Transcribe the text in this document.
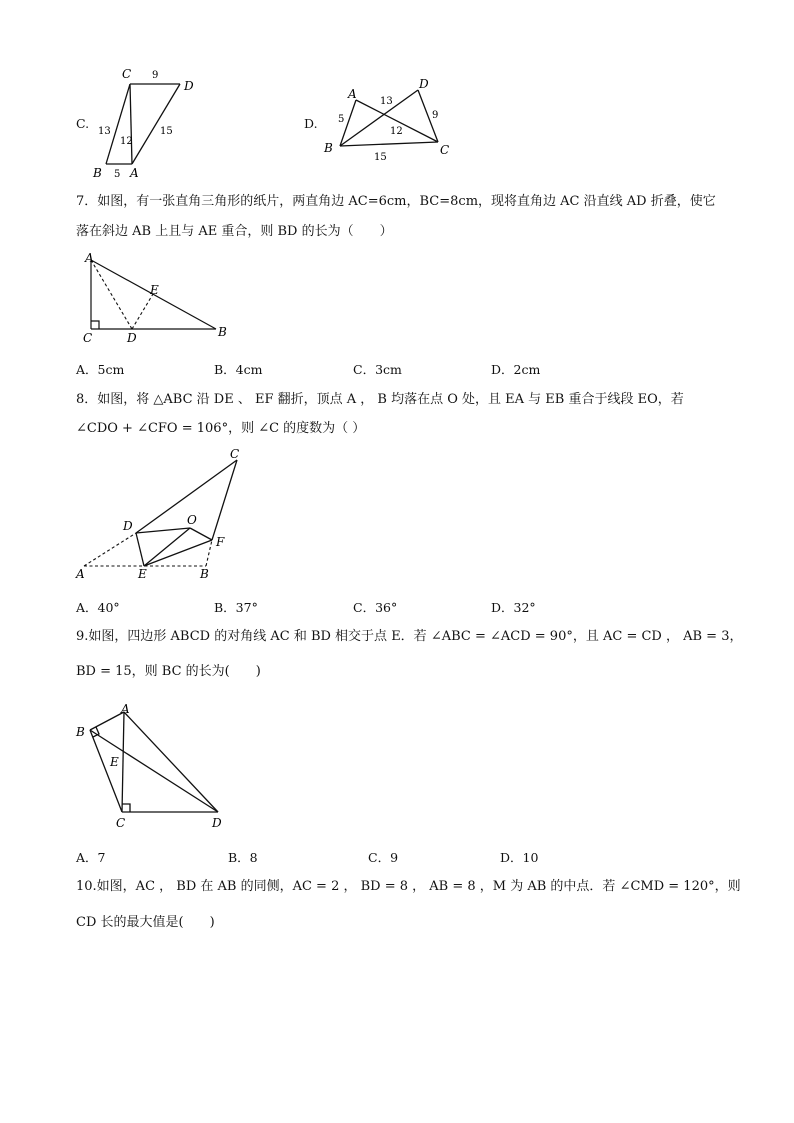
C.
C
D
B A
9
13
12
15
5
D.
A
D
B	C
13
9
5
12
15
7．如图，有一张直角三角形的纸片，两直角边 AC=6cm，BC=8cm，现将直角边 AC 沿直线 AD 折叠，使它
落在斜边 AB 上且与 AE 重合，则 BD 的长为（　　）
A
E
B
C	D
A．5cm	B．4cm	C．3cm	D．2cm
8．如图，将 △ABC 沿 DE 、 EF 翻折，顶点 A ， B 均落在点 O 处，且 EA 与 EB 重合于线段 EO，若
∠CDO + ∠CFO = 106°，则 ∠C 的度数为（ ）
C
D	O
F
A	E	B
A．40°	B．37°	C．36°	D．32°
9.如图，四边形 ABCD 的对角线 AC 和 BD 相交于点 E．若 ∠ABC = ∠ACD = 90°，且 AC = CD ， AB = 3，
BD = 15，则 BC 的长为(　　)
A
B
E
C	D
A．7	B．8	C．9	D．10
10.如图，AC ， BD 在 AB 的同侧，AC = 2 ， BD = 8 ， AB = 8 ，M 为 AB 的中点．若 ∠CMD = 120°，则
CD 长的最大值是(　　)
